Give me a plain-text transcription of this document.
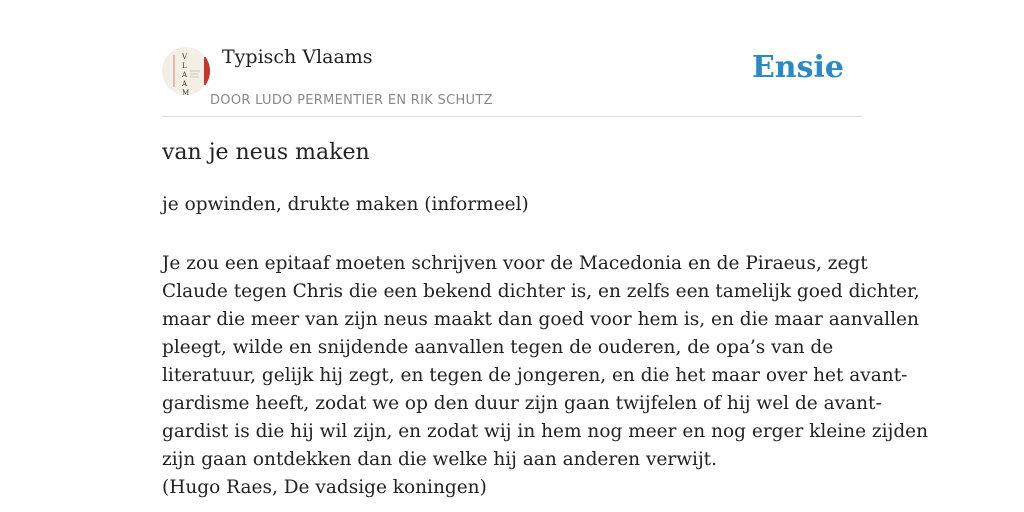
V
L
A
A
M
Typisch Vlaams
DOOR LUDO PERMENTIER EN RIK SCHUTZ
Ensie
van je neus maken
je opwinden, drukte maken (informeel)
Je zou een epitaaf moeten schrijven voor de Macedonia en de Piraeus, zegt
Claude tegen Chris die een bekend dichter is, en zelfs een tamelijk goed dichter,
maar die meer van zijn neus maakt dan goed voor hem is, en die maar aanvallen
pleegt, wilde en snijdende aanvallen tegen de ouderen, de opa’s van de
literatuur, gelijk hij zegt, en tegen de jongeren, en die het maar over het avant-
gardisme heeft, zodat we op den duur zijn gaan twijfelen of hij wel de avant-
gardist is die hij wil zijn, en zodat wij in hem nog meer en nog erger kleine zijden
zijn gaan ontdekken dan die welke hij aan anderen verwijt.
(Hugo Raes, De vadsige koningen)
